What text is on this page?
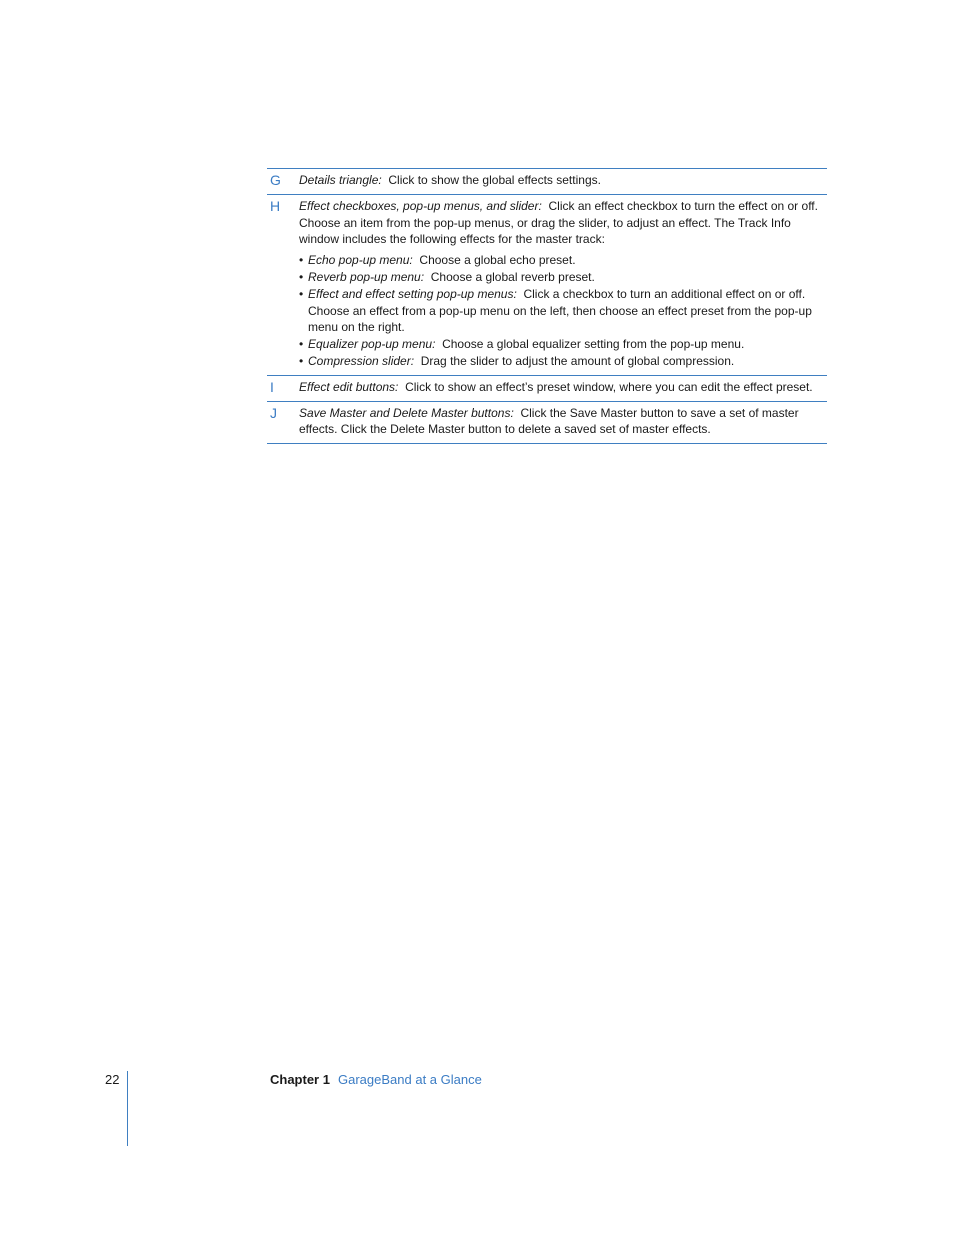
G	Details triangle: Click to show the global effects settings.
H	Effect checkboxes, pop-up menus, and slider: Click an effect checkbox to turn the effect on or off. Choose an item from the pop-up menus, or drag the slider, to adjust an effect. The Track Info window includes the following effects for the master track:
• Echo pop-up menu: Choose a global echo preset.
• Reverb pop-up menu: Choose a global reverb preset.
• Effect and effect setting pop-up menus: Click a checkbox to turn an additional effect on or off. Choose an effect from a pop-up menu on the left, then choose an effect preset from the pop-up menu on the right.
• Equalizer pop-up menu: Choose a global equalizer setting from the pop-up menu.
• Compression slider: Drag the slider to adjust the amount of global compression.
I	Effect edit buttons: Click to show an effect’s preset window, where you can edit the effect preset.
J	Save Master and Delete Master buttons: Click the Save Master button to save a set of master effects. Click the Delete Master button to delete a saved set of master effects.
22	Chapter 1 GarageBand at a Glance
